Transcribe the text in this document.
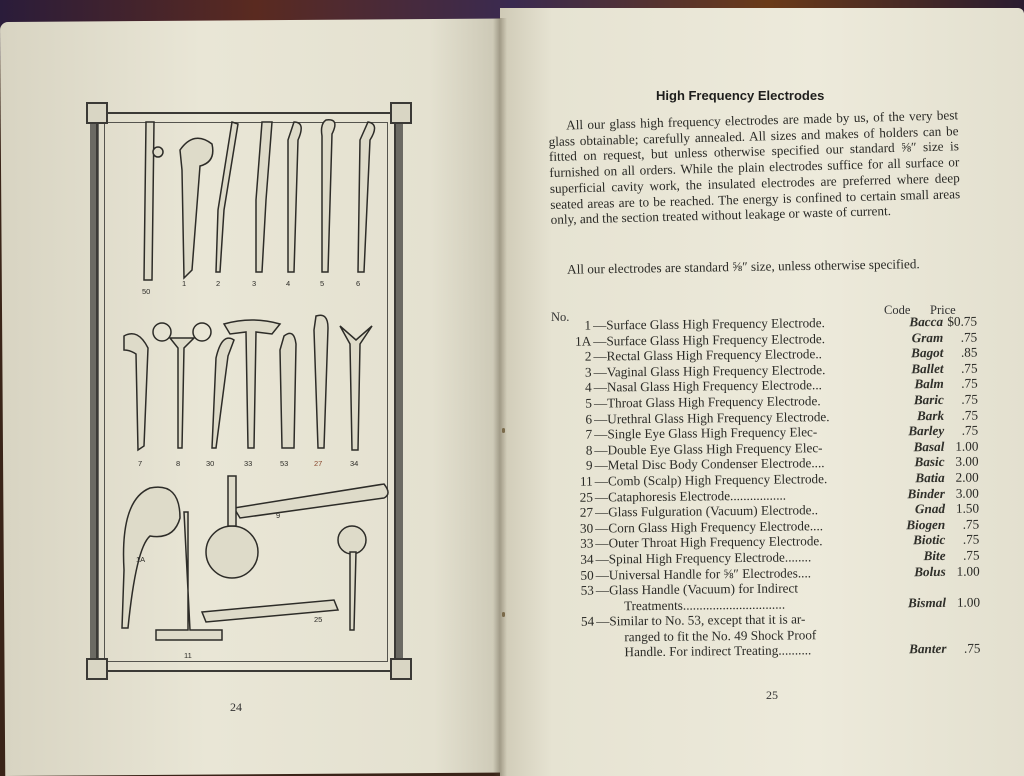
50
1	2	3	4	5	6
7	8	30	33	53	27	34
1A
11
9
25
24
High Frequency Electrodes
All our glass high frequency electrodes are made by us, of the very best glass obtainable; carefully annealed. All sizes and makes of holders can be fitted on request, but unless otherwise specified our standard ⅝″ size is furnished on all orders. While the plain electrodes suffice for all surface or superficial cavity work, the insulated electrodes are preferred where deep seated areas are to be reached. The energy is confined to certain small areas only, and the section treated without leakage or waste of current.
All our electrodes are standard ⅝″ size, unless otherwise specified.
Code Price
No.
1 —Surface Glass High Frequency Electrode.	Bacca $0.75
1A —Surface Glass High Frequency Electrode.	Gram	.75
2 —Rectal Glass High Frequency Electrode..	Bagot	.85
3 —Vaginal Glass High Frequency Electrode.	Ballet	.75
4 —Nasal Glass High Frequency Electrode...	Balm	.75
5 —Throat Glass High Frequency Electrode.	Baric	.75
6 —Urethral Glass High Frequency Electrode.	Bark	.75
7 —Single Eye Glass High Frequency Elec-	Barley	.75
8 —Double Eye Glass High Frequency Elec-	Basal 1.00
9 —Metal Disc Body Condenser Electrode....	Basic 3.00
11 —Comb (Scalp) High Frequency Electrode.	Batia 2.00
25 —Cataphoresis Electrode.................	Binder 3.00
27 —Glass Fulguration (Vacuum) Electrode..	Gnad 1.50
30 —Corn Glass High Frequency Electrode....	Biogen	.75
33 —Outer Throat High Frequency Electrode.	Biotic	.75
34 —Spinal High Frequency Electrode........	Bite	.75
50 —Universal Handle for ⅝″ Electrodes....	Bolus 1.00
53 —Glass Handle (Vacuum) for Indirect
Treatments...............................	Bismal 1.00
54 —Similar to No. 53, except that it is ar-
ranged to fit the No. 49 Shock Proof
Handle. For indirect Treating..........	Banter	.75
25
